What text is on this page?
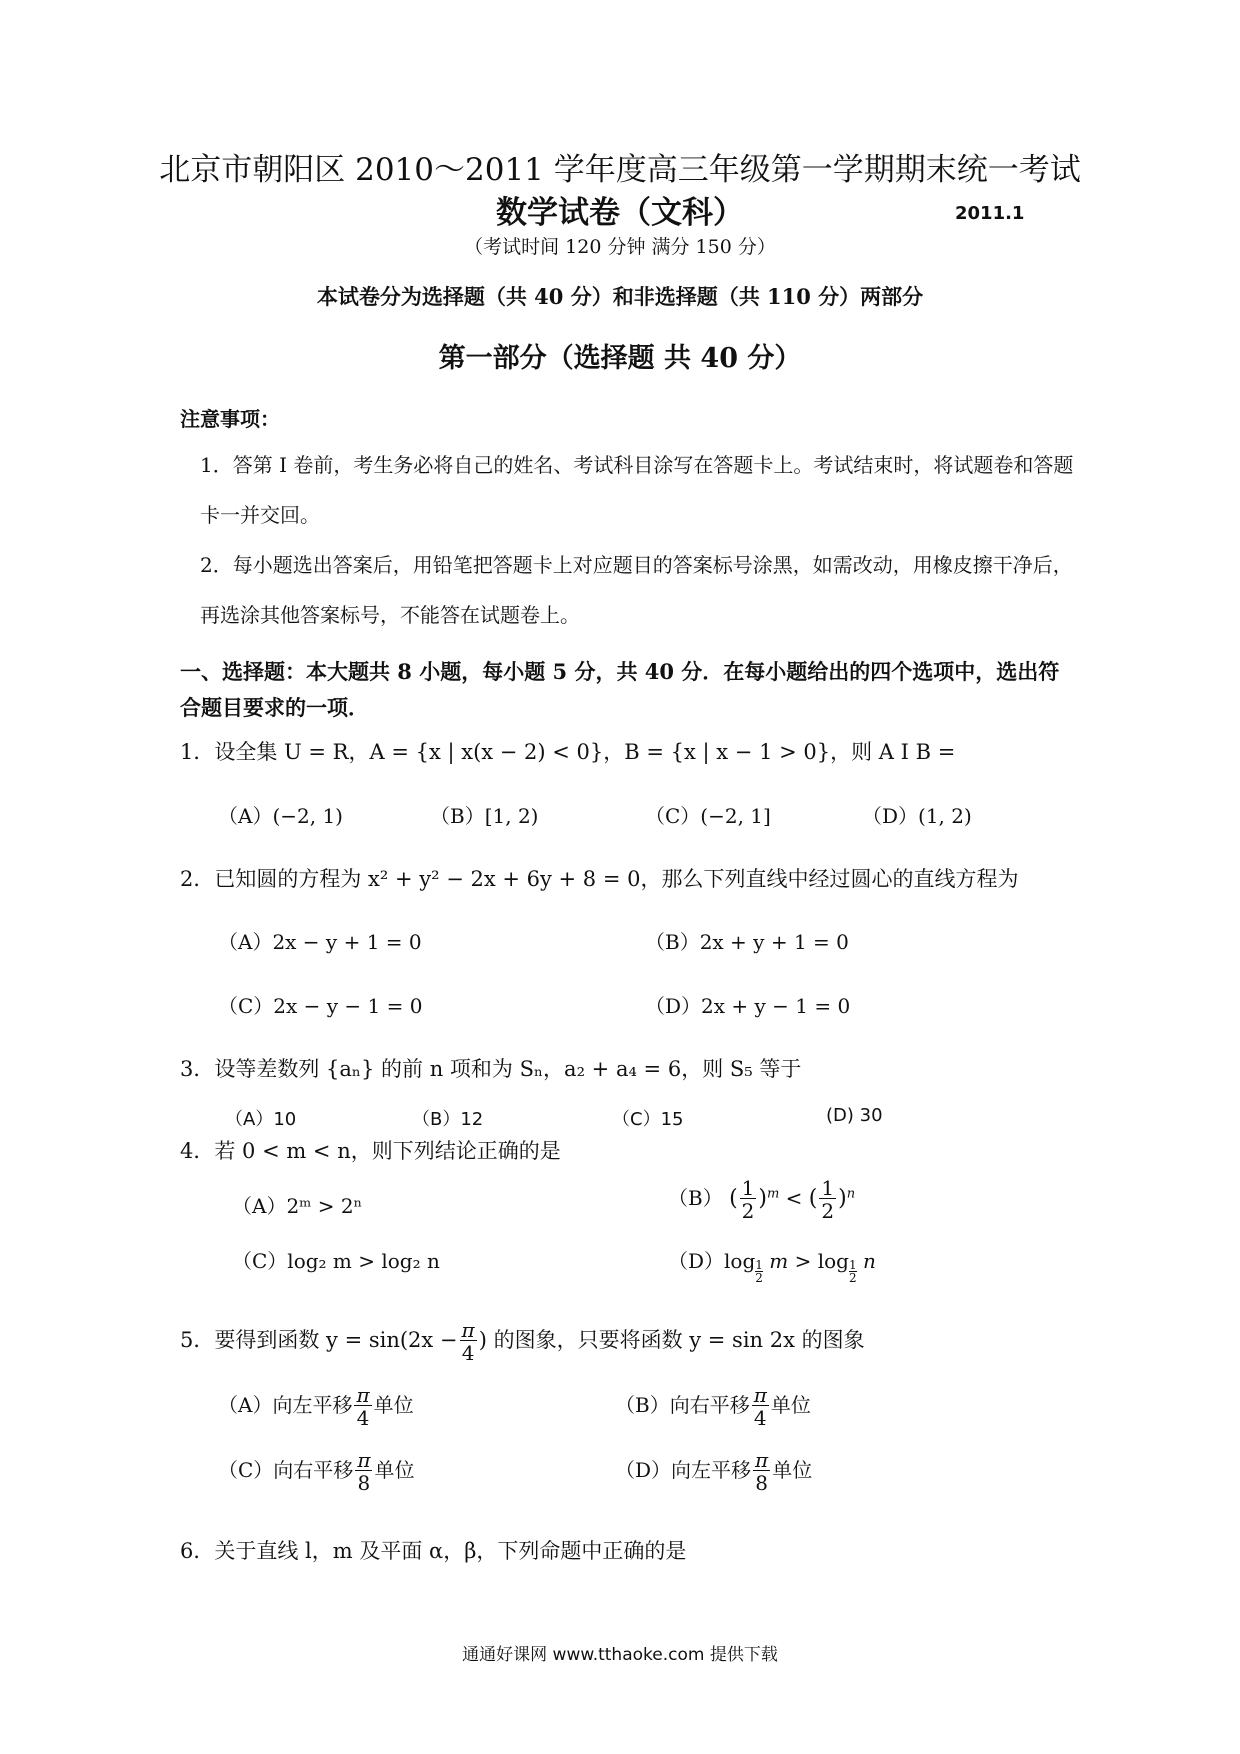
北京市朝阳区 2010～2011 学年度高三年级第一学期期末统一考试
数学试卷（文科）	2011.1
（考试时间 120 分钟 满分 150 分）
本试卷分为选择题（共 40 分）和非选择题（共 110 分）两部分
第一部分（选择题 共 40 分）
注意事项：
1．答第 I 卷前，考生务必将自己的姓名、考试科目涂写在答题卡上。考试结束时，将试题卷和答题卡一并交回。
2．每小题选出答案后，用铅笔把答题卡上对应题目的答案标号涂黑，如需改动，用橡皮擦干净后，再选涂其他答案标号，不能答在试题卷上。
一、选择题：本大题共 8 小题，每小题 5 分，共 40 分．在每小题给出的四个选项中，选出符合题目要求的一项．
1．设全集 U = R，A = {x | x(x − 2) < 0}，B = {x | x − 1 > 0}，则 A I B =
（A）(−2, 1)	（B）[1, 2)	（C）(−2, 1]	（D）(1, 2)
2．已知圆的方程为 x² + y² − 2x + 6y + 8 = 0，那么下列直线中经过圆心的直线方程为
（A）2x − y + 1 = 0	（B）2x + y + 1 = 0
（C）2x − y − 1 = 0	（D）2x + y − 1 = 0
3．设等差数列 {aₙ} 的前 n 项和为 Sₙ，a₂ + a₄ = 6，则 S₅ 等于
（A）10	（B）12	（C）15	(D) 30
4．若 0 < m < n，则下列结论正确的是
（A）2ᵐ > 2ⁿ	（B） ( $\frac{1}{2} )^m$ < ( $\frac{1}{2} )^n$
（C）log₂ m > log₂ n	$(D)\log \frac{1}{2}$ $m > \log \frac{1}{2}$ n
5．要得到函数 $y = \sin(2x - \frac{\pi}{4}$ ) 的图象，只要将函数 y = sin 2x 的图象
（A）向左平移 $\frac{\pi}{4}$ 单位	（B）向右平移 $\frac{\pi}{4}$ 单位
（C）向右平移 $\frac{\pi}{8}$ 单位	（D）向左平移 $\frac{\pi}{8}$ 单位
6．关于直线 l，m 及平面 α，β，下列命题中正确的是
通通好课网 www.tthaoke.com 提供下载
